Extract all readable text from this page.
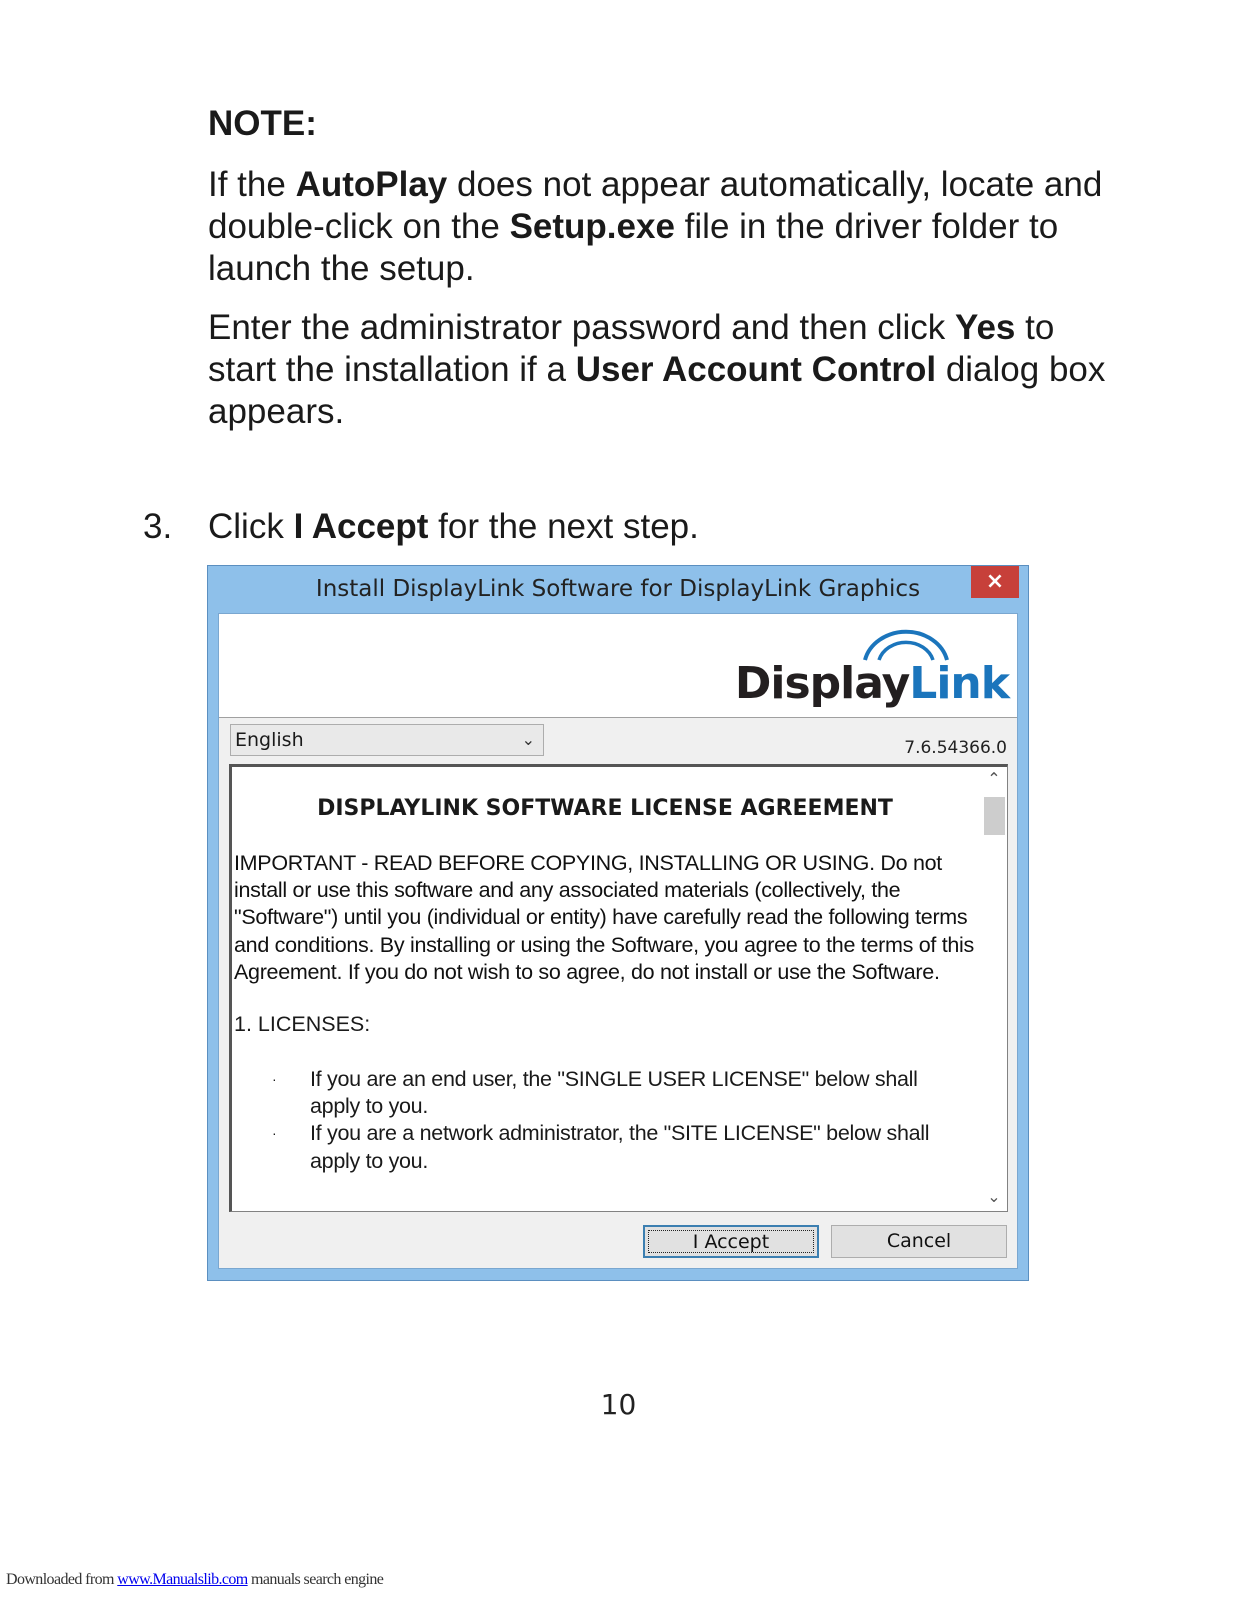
NOTE:

If the AutoPlay does not appear automatically, locate and double-click on the Setup.exe file in the driver folder to launch the setup.

Enter the administrator password and then click Yes to start the installation if a User Account Control dialog box appears.

3. Click I Accept for the next step.
Install DisplayLink Software for DisplayLink Graphics	×
DisplayLink
English	⌄	7.6.54366.0
DISPLAYLINK SOFTWARE LICENSE AGREEMENT
IMPORTANT - READ BEFORE COPYING, INSTALLING OR USING. Do not install or use this software and any associated materials (collectively, the "Software") until you (individual or entity) have carefully read the following terms and conditions. By installing or using the Software, you agree to the terms of this Agreement. If you do not wish to so agree, do not install or use the Software.
1. LICENSES:
· If you are an end user, the "SINGLE USER LICENSE" below shall apply to you.
· If you are a network administrator, the "SITE LICENSE" below shall apply to you.
⌃
⌄
I Accept	Cancel
10
Downloaded from www.Manualslib.com manuals search engine
